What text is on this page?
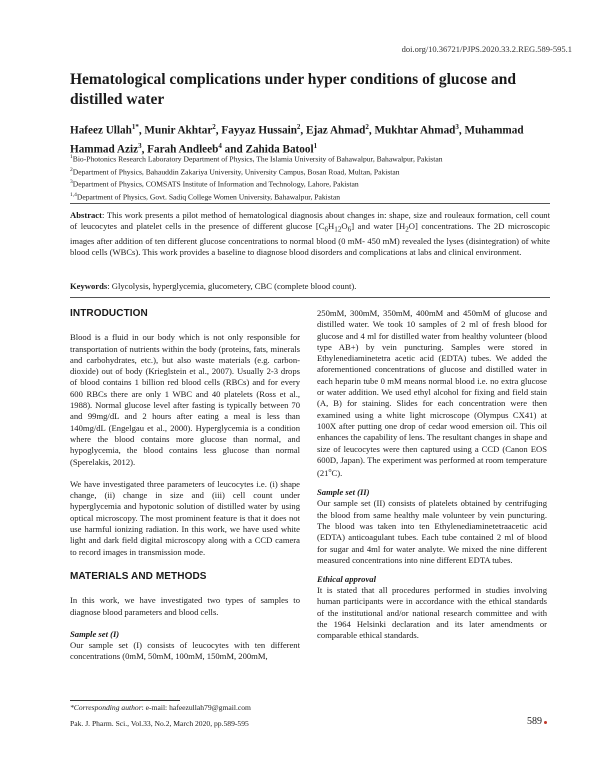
doi.org/10.36721/PJPS.2020.33.2.REG.589-595.1
Hematological complications under hyper conditions of glucose and distilled water
Hafeez Ullah$^{1*}$, Munir Akhtar$^2$, Fayyaz Hussain$^2$, Ejaz Ahmad$^2$, Mukhtar Ahmad$^3$, Muhammad Hammad Aziz$^3$, Farah Andleeb$^4$ and Zahida Batool$^1$
$^1$Bio-Photonics Research Laboratory Department of Physics, The Islamia University of Bahawalpur, Bahawalpur, Pakistan
$^2$Department of Physics, Bahauddin Zakariya University, University Campus, Bosan Road, Multan, Pakistan
$^3$Department of Physics, COMSATS Institute of Information and Technology, Lahore, Pakistan
$^{1,4}$Department of Physics, Govt. Sadiq College Women University, Bahawalpur, Pakistan
Abstract: This work presents a pilot method of hematological diagnosis about changes in: shape, size and rouleaux formation, cell count of leucocytes and platelet cells in the presence of different glucose $[C_6H_{12}O_6]$ and water $[H_2O]$ concentrations. The 2D microscopic images after addition of ten different glucose concentrations to normal blood (0 mM- 450 mM) revealed the lyses (disintegration) of white blood cells (WBCs). This work provides a baseline to diagnose blood disorders and complications at labs and clinical environment.
Keywords: Glycolysis, hyperglycemia, glucometery, CBC (complete blood count).
INTRODUCTION

Blood is a fluid in our body which is not only responsible for transportation of nutrients within the body (proteins, fats, minerals and carbohydrates, etc.), but also waste materials (e.g. carbon-dioxide) out of body (Krieglstein et al., 2007). Usually 2-3 drops of blood contains 1 billion red blood cells (RBCs) and for every 600 RBCs there are only 1 WBC and 40 platelets (Ross et al., 1988). Normal glucose level after fasting is typically between 70 and 99mg/dL and 2 hours after eating a meal is less than 140mg/dL (Engelgau et al., 2000). Hyperglycemia is a condition where the blood contains more glucose than normal, and hypoglycemia, the blood contains less glucose than normal (Sperelakis, 2012).

We have investigated three parameters of leucocytes i.e. (i) shape change, (ii) change in size and (iii) cell count under hyperglycemia and hypotonic solution of distilled water by using optical microscopy. The most prominent feature is that it does not use harmful ionizing radiation. In this work, we have used white light and dark field digital microscopy along with a CCD camera to record images in transmission mode.

MATERIALS AND METHODS

In this work, we have investigated two types of samples to diagnose blood parameters and blood cells.

Sample set (I)

Our sample set (I) consists of leucocytes with ten different concentrations (0mM, 50mM, 100mM, 150mM, 200mM,

250mM, 300mM, 350mM, 400mM and 450mM of glucose and distilled water. We took 10 samples of 2 ml of fresh blood for glucose and 4 ml for distilled water from healthy volunteer (blood type AB+) by vein puncturing. Samples were stored in Ethylenediaminetetra acetic acid (EDTA) tubes. We added the aforementioned concentrations of glucose and distilled water in each heparin tube 0 mM means normal blood i.e. no extra glucose or water addition. We used ethyl alcohol for fixing and field stain (A, B) for staining. Slides for each concentration were then examined using a white light microscope (Olympus CX41) at 100X after putting one drop of cedar wood emersion oil. This oil enhances the capability of lens. The resultant changes in shape and size of leucocytes were then captured using a CCD (Canon EOS 600D, Japan). The experiment was performed at room temperature (21$^o$C).

Sample set (II)

Our sample set (II) consists of platelets obtained by centrifuging the blood from same healthy male volunteer by vein puncturing. The blood was taken into ten Ethylenediaminetetraacetic acid (EDTA) anticoagulant tubes. Each tube contained 2 ml of blood for sugar and 4ml for water analyte. We mixed the nine different measured concentrations into nine different EDTA tubes.

Ethical approval

It is stated that all procedures performed in studies involving human participants were in accordance with the ethical standards of the institutional and/or national research committee and with the 1964 Helsinki declaration and its later amendments or comparable ethical standards.

*Corresponding author: e-mail: hafeezullah79@gmail.com
Pak. J. Pharm. Sci., Vol.33, No.2, March 2020, pp.589-595	589
